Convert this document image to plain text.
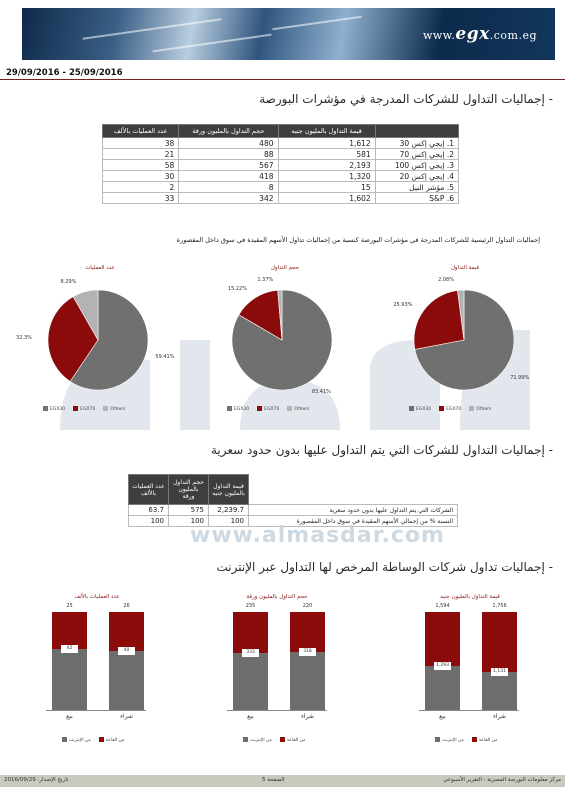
www.egx.com.eg
29/09/2016 - 25/09/2016
- إجماليات التداول للشركات المدرجة في مؤشرات البورصة
عدد العمليات بالألف	حجم التداول بالمليون ورقة	قيمة التداول بالمليون جنيه	
38	480	1,612	1. إيجي إكس 30
21	88	581	2. إيجي إكس 70
58	567	2,193	3. إيجي إكس 100
30	418	1,320	4. إيجي إكس 20
2	8	15	5. مؤشر النيل
33	342	1,602	6. S&P
إجماليات التداول الرئيسية للشركات المدرجة في مؤشرات البورصة كنسبة من إجماليات تداول الأسهم المقيدة في سوق داخل المقصورة
قيمة التداول
71.99%
25.93%
2.08%
EGX30	EGX70	Others
حجم التداول
83.41%
15.22%
1.37%
EGX30	EGX70	Others
عدد العمليات
59.41%
32.3%
8.29%
EGX30	EGX70	Others
- إجماليات التداول للشركات التي يتم التداول عليها بدون حدود سعرية
عدد العمليات بالألف	حجم التداول بالمليون ورقة	قيمة التداول بالمليون جنيه	
63.7	575	2,239.7	الشركات التي يتم التداول عليها بدون حدود سعرية
100	100	100	النسبة % من إجمالي الأسهم المقيدة في سوق داخل المقصورة
www.almasdar.com
- إجماليات تداول شركات الوساطة المرخص لها التداول عبر الإنترنت
قيمة التداول بالمليون جنيه
1,293
1,594
بيع
1,131
1,756
شراء
من الإنترنت	من القاعة
حجم التداول بالمليون ورقة
333
235
بيع
318
220
شراء
من الإنترنت	من القاعة
عدد العمليات بالألف
42
25
بيع
40
26
شراء
من الإنترنت	من القاعة
تاريخ الإصدار: 2016/09/29	الصفحة 5	مركز معلومات البورصة المصرية - التقرير الأسبوعي
